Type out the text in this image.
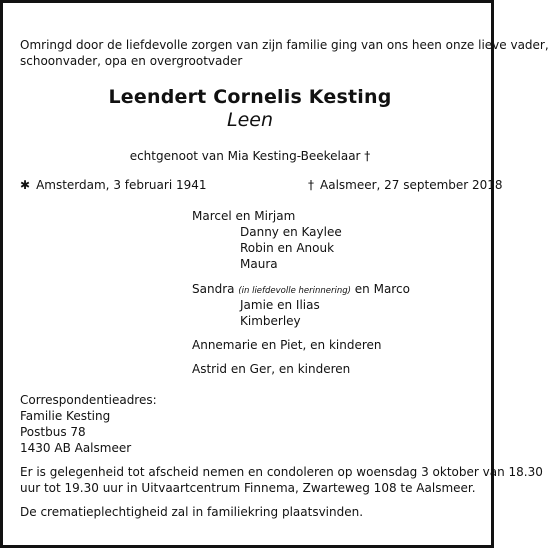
Omringd door de liefdevolle zorgen van zijn familie ging van ons heen onze lieve vader,
schoonvader, opa en overgrootvader
Leendert Cornelis Kesting
Leen
echtgenoot van Mia Kesting-Beekelaar †
✱ Amsterdam, 3 februari 1941	† Aalsmeer, 27 september 2018
Marcel en Mirjam
Danny en Kaylee
Robin en Anouk
Maura
Sandra (in liefdevolle herinnering) en Marco
Jamie en Ilias
Kimberley
Annemarie en Piet, en kinderen
Astrid en Ger, en kinderen
Correspondentieadres:
Familie Kesting
Postbus 78
1430 AB Aalsmeer
Er is gelegenheid tot afscheid nemen en condoleren op woensdag 3 oktober van 18.30
uur tot 19.30 uur in Uitvaartcentrum Finnema, Zwarteweg 108 te Aalsmeer.
De crematieplechtigheid zal in familiekring plaatsvinden.
